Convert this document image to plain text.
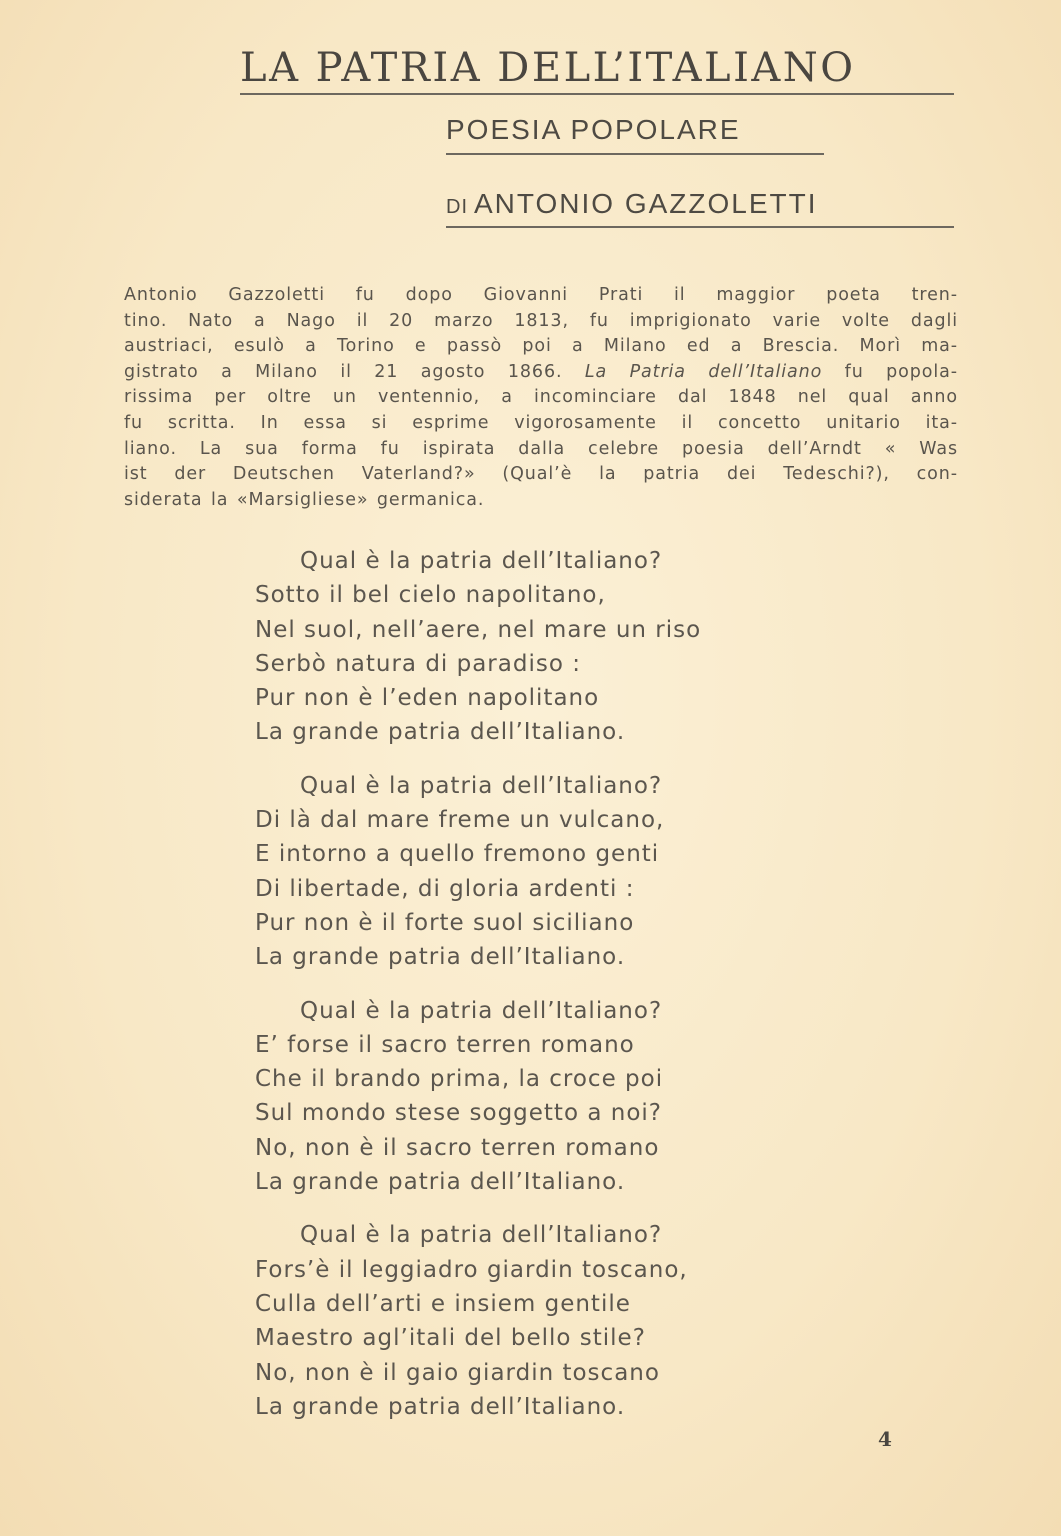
LA PATRIA DELL’ITALIANO
POESIA POPOLARE
DI ANTONIO GAZZOLETTI
Antonio Gazzoletti fu dopo Giovanni Prati il maggior poeta tren-
tino. Nato a Nago il 20 marzo 1813, fu imprigionato varie volte dagli
austriaci, esulò a Torino e passò poi a Milano ed a Brescia. Morì ma-
gistrato a Milano il 21 agosto 1866. La Patria dell’Italiano fu popola-
rissima per oltre un ventennio, a incominciare dal 1848 nel qual anno
fu scritta. In essa si esprime vigorosamente il concetto unitario ita-
liano. La sua forma fu ispirata dalla celebre poesia dell’Arndt « Was
ist der Deutschen Vaterland?» (Qual’è la patria dei Tedeschi?), con-
siderata la «Marsigliese» germanica.
Qual è la patria dell’Italiano?
Sotto il bel cielo napolitano,
Nel suol, nell’aere, nel mare un riso
Serbò natura di paradiso :
Pur non è l’eden napolitano
La grande patria dell’Italiano.
Qual è la patria dell’Italiano?
Di là dal mare freme un vulcano,
E intorno a quello fremono genti
Di libertade, di gloria ardenti :
Pur non è il forte suol siciliano
La grande patria dell’Italiano.
Qual è la patria dell’Italiano?
E’ forse il sacro terren romano
Che il brando prima, la croce poi
Sul mondo stese soggetto a noi?
No, non è il sacro terren romano
La grande patria dell’Italiano.
Qual è la patria dell’Italiano?
Fors’è il leggiadro giardin toscano,
Culla dell’arti e insiem gentile
Maestro agl’itali del bello stile?
No, non è il gaio giardin toscano
La grande patria dell’Italiano.
4
